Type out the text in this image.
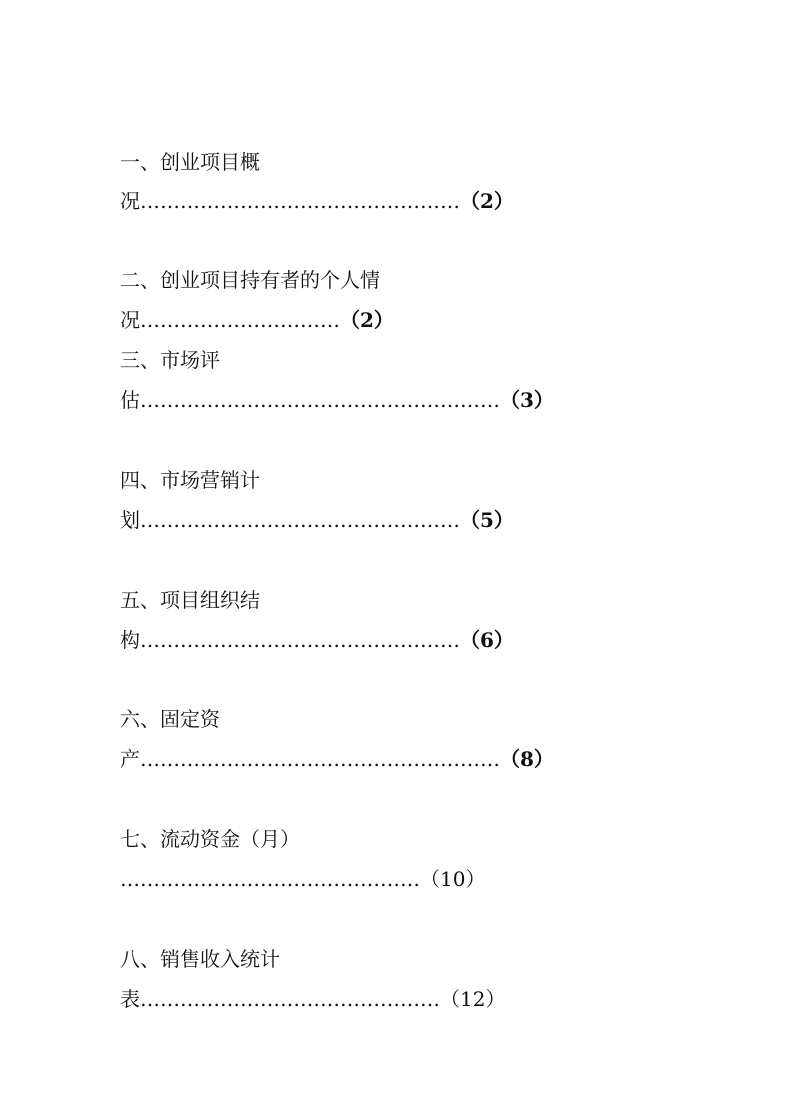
一、创业项目概
况…………………………………………（2）
二、创业项目持有者的个人情
况…………………………（2）
三、市场评
估………………………………………………（3）
四、市场营销计
划…………………………………………（5）
五、项目组织结
构…………………………………………（6）
六、固定资
产………………………………………………（8）
七、流动资金（月）
………………………………………（10）
八、销售收入统计
表………………………………………（12）
